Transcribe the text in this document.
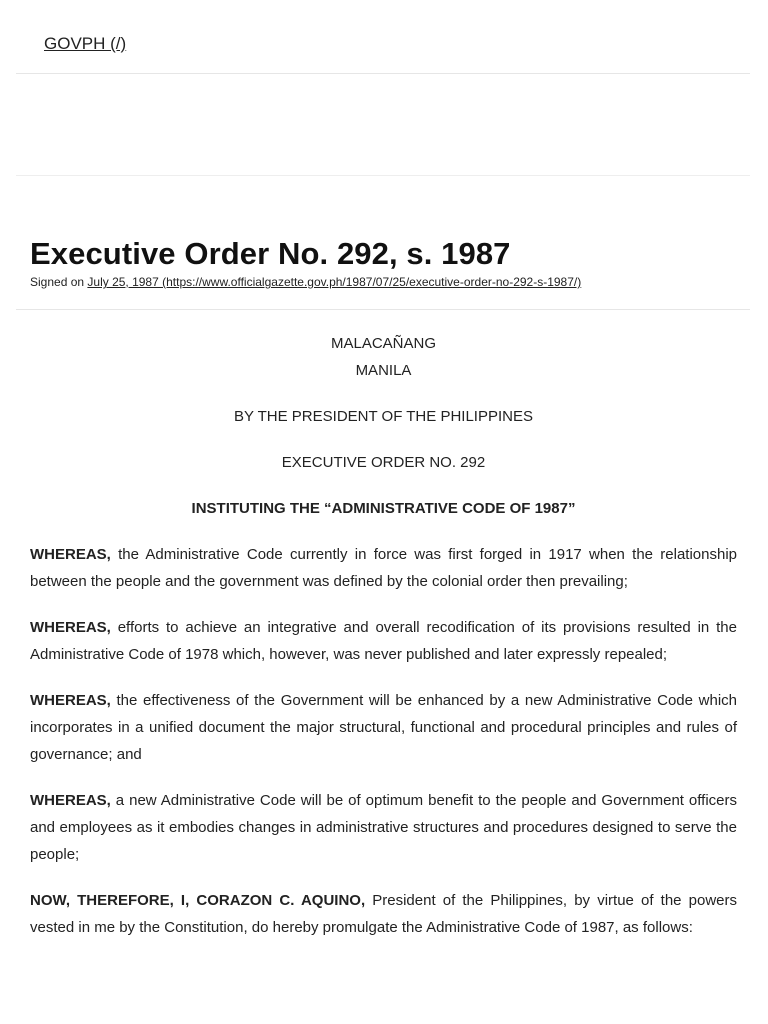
GOVPH (/)
Executive Order No. 292, s. 1987
Signed on July 25, 1987 (https://www.officialgazette.gov.ph/1987/07/25/executive-order-no-292-s-1987/)

MALACAÑANG

MANILA

BY THE PRESIDENT OF THE PHILIPPINES

EXECUTIVE ORDER NO. 292

INSTITUTING THE “ADMINISTRATIVE CODE OF 1987”

WHEREAS, the Administrative Code currently in force was first forged in 1917 when the relationship between the people and the government was defined by the colonial order then prevailing;

WHEREAS, efforts to achieve an integrative and overall recodification of its provisions resulted in the Administrative Code of 1978 which, however, was never published and later expressly repealed;

WHEREAS, the effectiveness of the Government will be enhanced by a new Administrative Code which incorporates in a unified document the major structural, functional and procedural principles and rules of governance; and

WHEREAS, a new Administrative Code will be of optimum benefit to the people and Government officers and employees as it embodies changes in administrative structures and procedures designed to serve the people;

NOW, THEREFORE, I, CORAZON C. AQUINO, President of the Philippines, by virtue of the powers vested in me by the Constitution, do hereby promulgate the Administrative Code of 1987, as follows:
